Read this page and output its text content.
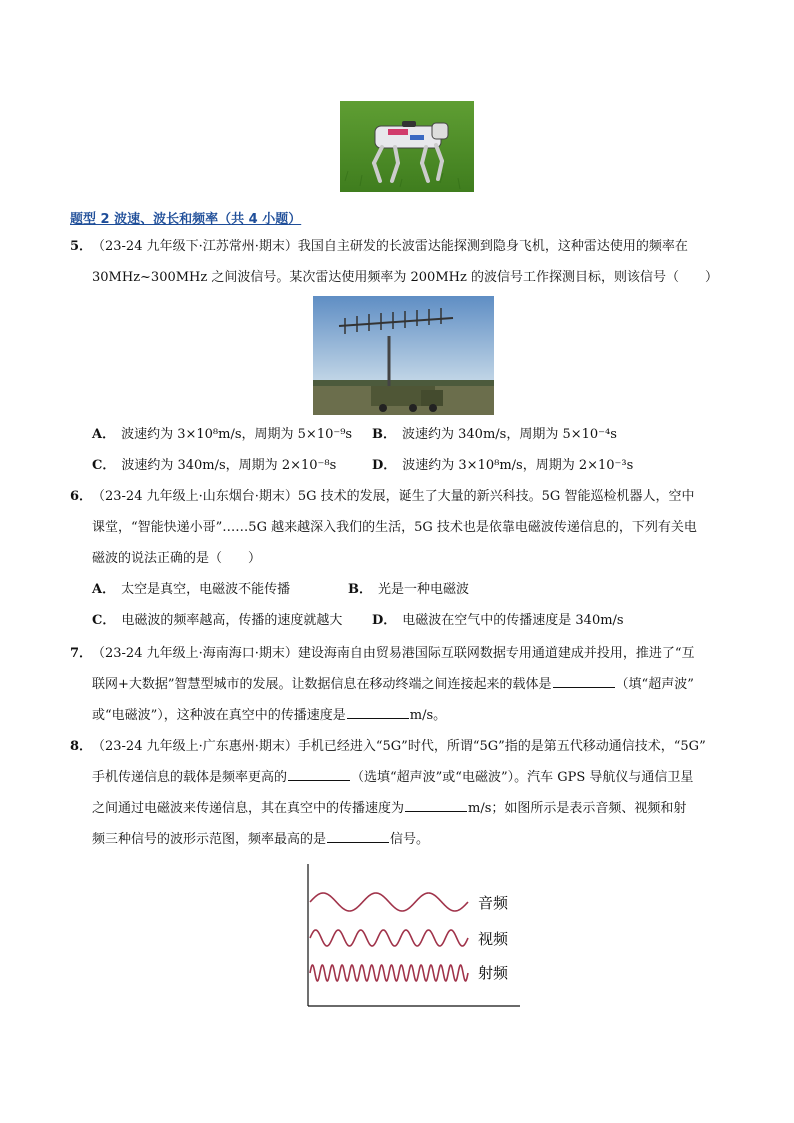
题型 2 波速、波长和频率（共 4 小题）
5． （23-24 九年级下·江苏常州·期末）我国自主研发的长波雷达能探测到隐身飞机，这种雷达使用的频率在
30MHz~300MHz 之间波信号。某次雷达使用频率为 200MHz 的波信号工作探测目标，则该信号（　　）
A． 波速约为 3×10⁸m/s，周期为 5×10⁻⁹s B． 波速约为 340m/s，周期为 5×10⁻⁴s
C． 波速约为 340m/s，周期为 2×10⁻⁸s	D． 波速约为 3×10⁸m/s，周期为 2×10⁻³s
6． （23-24 九年级上·山东烟台·期末）5G 技术的发展，诞生了大量的新兴科技。5G 智能巡检机器人，空中
课堂，“智能快递小哥”……5G 越来越深入我们的生活，5G 技术也是依靠电磁波传递信息的，下列有关电
磁波的说法正确的是（　　）
A． 太空是真空，电磁波不能传播	B． 光是一种电磁波
C． 电磁波的频率越高，传播的速度就越大 D． 电磁波在空气中的传播速度是 340m/s
7． （23-24 九年级上·海南海口·期末）建设海南自由贸易港国际互联网数据专用通道建成并投用，推进了“互
联网+大数据”智慧型城市的发展。让数据信息在移动终端之间连接起来的载体是	（填“超声波”
或“电磁波”），这种波在真空中的传播速度是	m/s。
8． （23-24 九年级上·广东惠州·期末）手机已经进入“5G”时代，所谓“5G”指的是第五代移动通信技术，“5G”
手机传递信息的载体是频率更高的	（选填“超声波”或“电磁波”）。汽车 GPS 导航仪与通信卫星
之间通过电磁波来传递信息，其在真空中的传播速度为	m/s；如图所示是表示音频、视频和射
频三种信号的波形示范图，频率最高的是	信号。
音频
视频
射频
